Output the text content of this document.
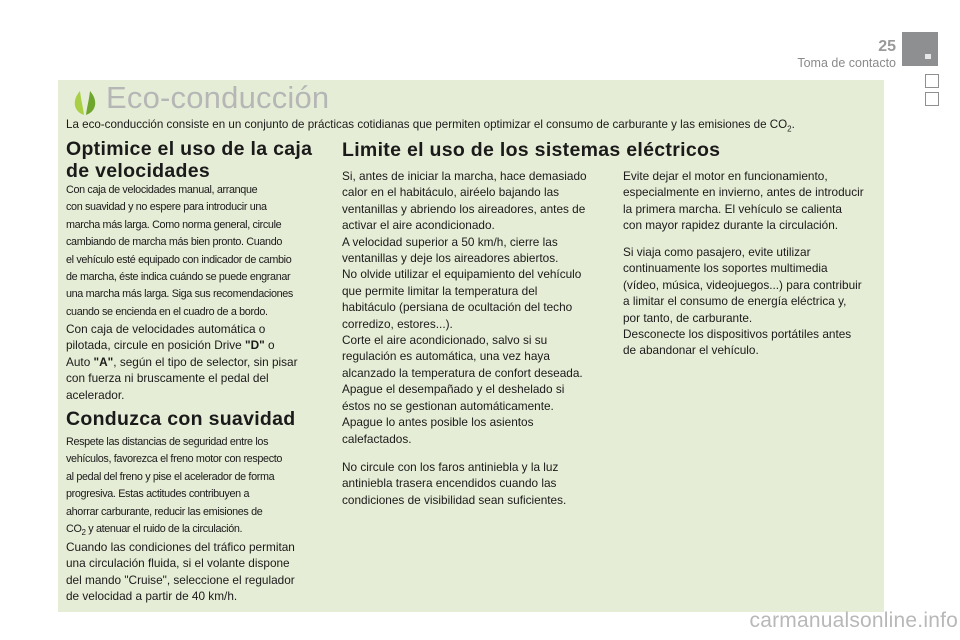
25
Toma de contacto
Eco-conducción
La eco-conducción consiste en un conjunto de prácticas cotidianas que permiten optimizar el consumo de carburante y las emisiones de $CO_2$.
Optimice el uso de la caja de velocidades
Con caja de velocidades manual, arranque
con suavidad y no espere para introducir una
marcha más larga. Como norma general, circule
cambiando de marcha más bien pronto. Cuando
el vehículo esté equipado con indicador de cambio
de marcha, éste indica cuándo se puede engranar
una marcha más larga. Siga sus recomendaciones
cuando se encienda en el cuadro de a bordo.
Con caja de velocidades automática o
pilotada, circule en posición Drive "D" o
Auto "A", según el tipo de selector, sin pisar
con fuerza ni bruscamente el pedal del
acelerador.
Conduzca con suavidad
Respete las distancias de seguridad entre los
vehículos, favorezca el freno motor con respecto
al pedal del freno y pise el acelerador de forma
progresiva. Estas actitudes contribuyen a
ahorrar carburante, reducir las emisiones de
$CO_2$ y atenuar el ruido de la circulación.
Cuando las condiciones del tráfico permitan
una circulación fluida, si el volante dispone
del mando "Cruise", seleccione el regulador
de velocidad a partir de 40 km/h.
Limite el uso de los sistemas eléctricos
Si, antes de iniciar la marcha, hace demasiado
calor en el habitáculo, airéelo bajando las
ventanillas y abriendo los aireadores, antes de
activar el aire acondicionado.
A velocidad superior a 50 km/h, cierre las
ventanillas y deje los aireadores abiertos.
No olvide utilizar el equipamiento del vehículo
que permite limitar la temperatura del
habitáculo (persiana de ocultación del techo
corredizo, estores...).
Corte el aire acondicionado, salvo si su
regulación es automática, una vez haya
alcanzado la temperatura de confort deseada.
Apague el desempañado y el deshelado si
éstos no se gestionan automáticamente.
Apague lo antes posible los asientos
calefactados.
No circule con los faros antiniebla y la luz
antiniebla trasera encendidos cuando las
condiciones de visibilidad sean suficientes.
Evite dejar el motor en funcionamiento,
especialmente en invierno, antes de introducir
la primera marcha. El vehículo se calienta
con mayor rapidez durante la circulación.
Si viaja como pasajero, evite utilizar
continuamente los soportes multimedia
(vídeo, música, videojuegos...) para contribuir
a limitar el consumo de energía eléctrica y,
por tanto, de carburante.
Desconecte los dispositivos portátiles antes
de abandonar el vehículo.
carmanualsonline.info
